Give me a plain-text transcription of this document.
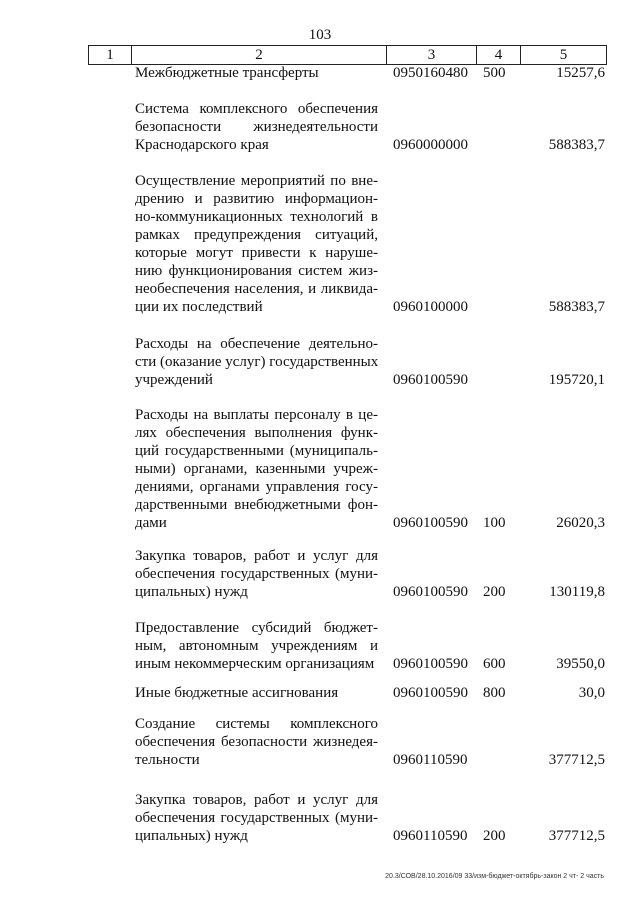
103
1	2	3	4	5
Межбюджетные трансферты	0950160480 500	15257,6
Система комплексного обеспечения
безопасности жизнедеятельности
Краснодарского края	0960000000	588383,7
Осуществление мероприятий по вне-
дрению и развитию информацион-
но-коммуникационных технологий в
рамках предупреждения ситуаций,
которые могут привести к наруше-
нию функционирования систем жиз-
необеспечения населения, и ликвида-
ции их последствий	0960100000	588383,7
Расходы на обеспечение деятельно-
сти (оказание услуг) государственных
учреждений	0960100590	195720,1
Расходы на выплаты персоналу в це-
лях обеспечения выполнения функ-
ций государственными (муниципаль-
ными) органами, казенными учреж-
дениями, органами управления госу-
дарственными внебюджетными фон-
дами	0960100590 100	26020,3
Закупка товаров, работ и услуг для
обеспечения государственных (муни-
ципальных) нужд	0960100590 200	130119,8
Предоставление субсидий бюджет-
ным, автономным учреждениям и
иным некоммерческим организациям 0960100590 600	39550,0
Иные бюджетные ассигнования	0960100590 800	30,0
Создание системы комплексного
обеспечения безопасности жизнедея-
тельности	0960110590	377712,5
Закупка товаров, работ и услуг для
обеспечения государственных (муни-
ципальных) нужд	0960110590 200	377712,5
20.3/СОВ/28.10.2016/09 33/изм-бюджет-октябрь-закон 2 чт- 2 часть
